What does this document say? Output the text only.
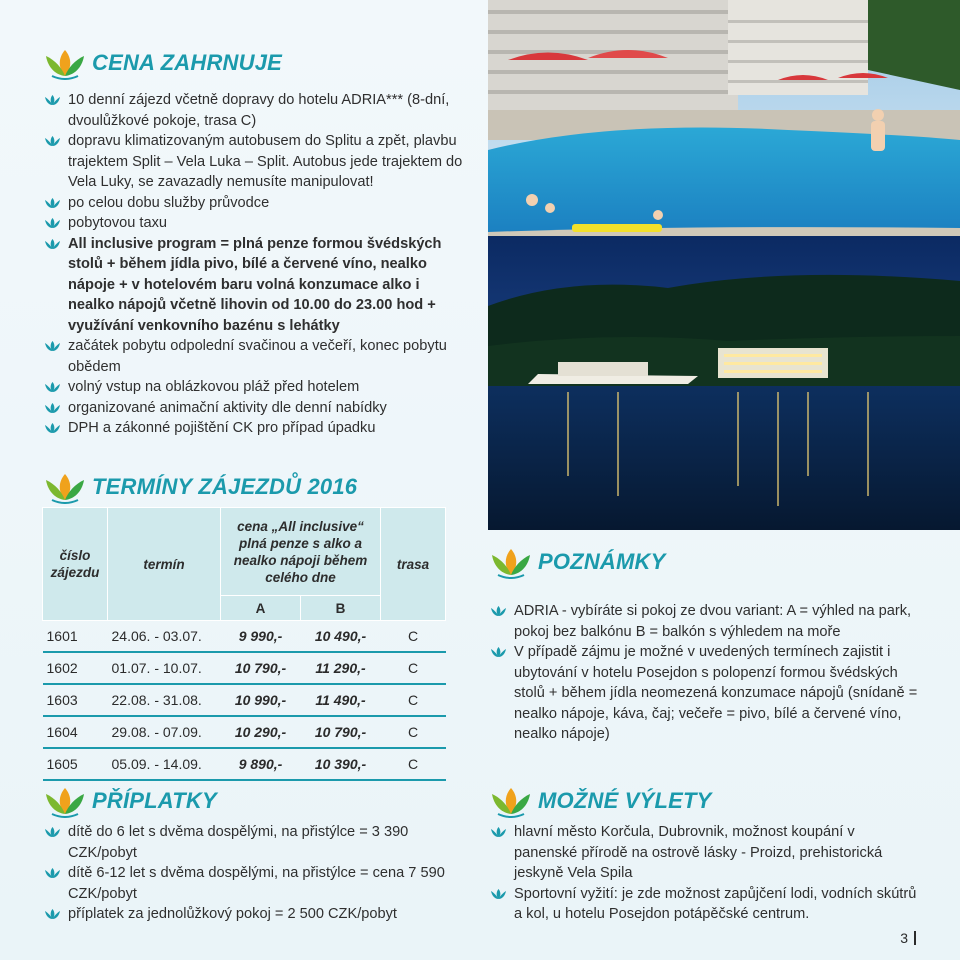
CENA ZAHRNUJE
10 denní zájezd včetně dopravy do hotelu ADRIA*** (8-dní, dvoulůžkové pokoje, trasa C)
dopravu klimatizovaným autobusem do Splitu a zpět, plavbu trajektem Split – Vela Luka – Split. Autobus jede trajektem do Vela Luky, se zavazadly nemusíte manipulovat!
po celou dobu služby průvodce
pobytovou taxu
All inclusive program = plná penze formou švédských stolů + během jídla pivo, bílé a červené víno, nealko nápoje + v hotelovém baru volná konzumace alko i nealko nápojů včetně lihovin od 10.00 do 23.00 hod + využívání venkovního bazénu s lehátky
začátek pobytu odpolední svačinou a večeří, konec pobytu obědem
volný vstup na oblázkovou pláž před hotelem
organizované animační aktivity dle denní nabídky
DPH a zákonné pojištění CK pro případ úpadku
TERMÍNY ZÁJEZDŮ 2016
číslo zájezdu	termín	cena „All inclusive“ plná penze s alko a nealko nápoji během celého dne		trasa
		A	B	
1601	24.06. - 03.07.	9 990,-	10 490,-	C
1602	01.07. - 10.07.	10 790,-	11 290,-	C
1603	22.08. - 31.08.	10 990,-	11 490,-	C
1604	29.08. - 07.09.	10 290,-	10 790,-	C
1605	05.09. - 14.09.	9 890,-	10 390,-	C
PŘÍPLATKY
dítě do 6 let s dvěma dospělými, na přistýlce = 3 390 CZK/pobyt
dítě 6-12 let s dvěma dospělými, na přistýlce = cena 7 590 CZK/pobyt
příplatek za jednolůžkový pokoj = 2 500 CZK/pobyt
POZNÁMKY
ADRIA - vybíráte si pokoj ze dvou variant: A = výhled na park, pokoj bez balkónu B = balkón s výhledem na moře
V případě zájmu je možné v uvedených termínech zajistit i ubytování v hotelu Posejdon s polopenzí formou švédských stolů + během jídla neomezená konzumace nápojů (snídaně = nealko nápoje, káva, čaj; večeře = pivo, bílé a červené víno, nealko nápoje)
MOŽNÉ VÝLETY
hlavní město Korčula, Dubrovnik, možnost koupání v panenské přírodě na ostrově lásky - Proizd, prehistorická jeskyně Vela Spila
Sportovní vyžití: je zde možnost zapůjčení lodi, vodních skútrů a kol, u hotelu Posejdon potápěčské centrum.
3
